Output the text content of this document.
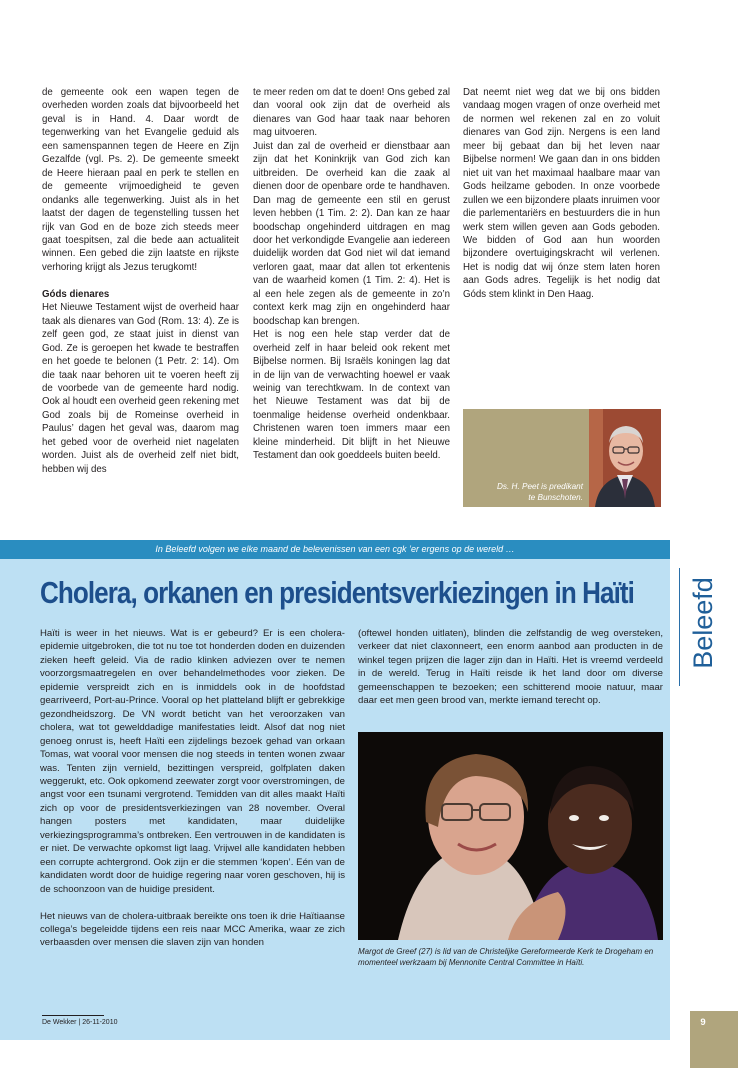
de gemeente ook een wapen tegen de overheden worden zoals dat bijvoorbeeld het geval is in Hand. 4. Daar wordt de tegenwerking van het Evangelie geduid als een samenspannen tegen de Heere en Zijn Gezalfde (vgl. Ps. 2). De gemeente smeekt de Heere hieraan paal en perk te stellen en de gemeente vrijmoedigheid te geven ondanks alle tegenwerking. Juist als in het laatst der dagen de tegenstelling tussen het rijk van God en de boze zich steeds meer gaat toespitsen, zal die bede aan actualiteit winnen. Een gebed die zijn laatste en rijkste verhoring krijgt als Jezus terugkomt!

Góds dienares

Het Nieuwe Testament wijst de overheid haar taak als dienares van God (Rom. 13: 4). Ze is zelf geen god, ze staat juist in dienst van God. Ze is geroepen het kwade te bestraffen en het goede te belonen (1 Petr. 2: 14). Om die taak naar behoren uit te voeren heeft zij de voorbede van de gemeente hard nodig. Ook al houdt een overheid geen rekening met God zoals bij de Romeinse overheid in Paulus’ dagen het geval was, daarom mag het gebed voor de overheid niet nagelaten worden. Juist als de overheid zelf niet bidt, hebben wij des

te meer reden om dat te doen! Ons gebed zal dan vooral ook zijn dat de overheid als dienares van God haar taak naar behoren mag uitvoeren.

Juist dan zal de overheid er dienstbaar aan zijn dat het Koninkrijk van God zich kan uitbreiden. De overheid kan die zaak al dienen door de openbare orde te handhaven. Dan mag de gemeente een stil en gerust leven hebben (1 Tim. 2: 2). Dan kan ze haar boodschap ongehinderd uitdragen en mag door het verkondigde Evangelie aan iedereen duidelijk worden dat God niet wil dat iemand verloren gaat, maar dat allen tot erkentenis van de waarheid komen (1 Tim. 2: 4). Het is al een hele zegen als de gemeente in zo’n context kerk mag zijn en ongehinderd haar boodschap kan brengen.

Het is nog een hele stap verder dat de overheid zelf in haar beleid ook rekent met Bijbelse normen. Bij Israëls koningen lag dat in de lijn van de verwachting hoewel er vaak weinig van terechtkwam. In de context van het Nieuwe Testament was dat bij de toenmalige heidense overheid ondenkbaar. Christenen waren toen immers maar een kleine minderheid. Dit blijft in het Nieuwe Testament dan ook goeddeels buiten beeld.

Dat neemt niet weg dat we bij ons bidden vandaag mogen vragen of onze overheid met de normen wel rekenen zal en zo voluit dienares van God zijn. Nergens is een land meer bij gebaat dan bij het leven naar Bijbelse normen! We gaan dan in ons bidden niet uit van het maximaal haalbare maar van Gods heilzame geboden. In onze voorbede zullen we een bijzondere plaats inruimen voor die parlementariërs en bestuurders die in hun werk stem willen geven aan Gods geboden. We bidden of God aan hun woorden bijzondere overtuigingskracht wil verlenen. Het is nodig dat wij ónze stem laten horen aan Gods adres. Tegelijk is het nodig dat Góds stem klinkt in Den Haag.

Ds. H. Peet is predikant
te Bunschoten.
In Beleefd volgen we elke maand de belevenissen van een cgk ’er ergens op de wereld …
Beleefd
Cholera, orkanen en presidentsverkiezingen in Haïti

Haïti is weer in het nieuws. Wat is er gebeurd? Er is een cholera-epidemie uitgebroken, die tot nu toe tot honderden doden en duizenden zieken heeft geleid. Via de radio klinken adviezen over te nemen voorzorgsmaatregelen en over behandelmethodes voor zieken. De epidemie verspreidt zich en is inmiddels ook in de hoofdstad gearriveerd, Port-au-Prince. Vooral op het platteland blijft er gebrekkige gezondheidszorg. De VN wordt beticht van het veroorzaken van cholera, wat tot gewelddadige manifestaties leidt. Alsof dat nog niet genoeg onrust is, heeft Haïti een zijdelings bezoek gehad van orkaan Tomas, wat vooral voor mensen die nog steeds in tenten wonen zwaar was. Tenten zijn vernield, bezittingen verspreid, golfplaten daken weggerukt, etc. Ook opkomend zeewater zorgt voor overstromingen, de angst voor een tsunami vergrotend. Temidden van dit alles maakt Haïti zich op voor de presidentsverkiezingen van 28 november. Overal hangen posters met kandidaten, maar duidelijke verkiezingsprogramma’s ontbreken. Een vertrouwen in de kandidaten is er niet. De verwachte opkomst ligt laag. Vrijwel alle kandidaten hebben een corrupte achtergrond. Ook zijn er die stemmen ‘kopen’. Eén van de kandidaten wordt door de huidige regering naar voren geschoven, hij is de schoonzoon van de huidige president.

Het nieuws van de cholera-uitbraak bereikte ons toen ik drie Haïtiaanse collega’s begeleidde tijdens een reis naar MCC Amerika, waar ze zich verbaasden over mensen die slaven zijn van honden

(oftewel honden uitlaten), blinden die zelfstandig de weg oversteken, verkeer dat niet claxonneert, een enorm aanbod aan producten in de winkel tegen prijzen die lager zijn dan in Haïti. Het is vreemd verdeeld in de wereld. Terug in Haïti reisde ik het land door om diverse gemeenschappen te bezoeken; een schitterend mooie natuur, maar daar eet men geen brood van, merkte iemand terecht op.

Margot de Greef (27) is lid van de Christelijke Gereformeerde Kerk te Drogeham en momenteel werkzaam bij Mennonite Central Committee in Haïti.
De Wekker | 26-11-2010	9
